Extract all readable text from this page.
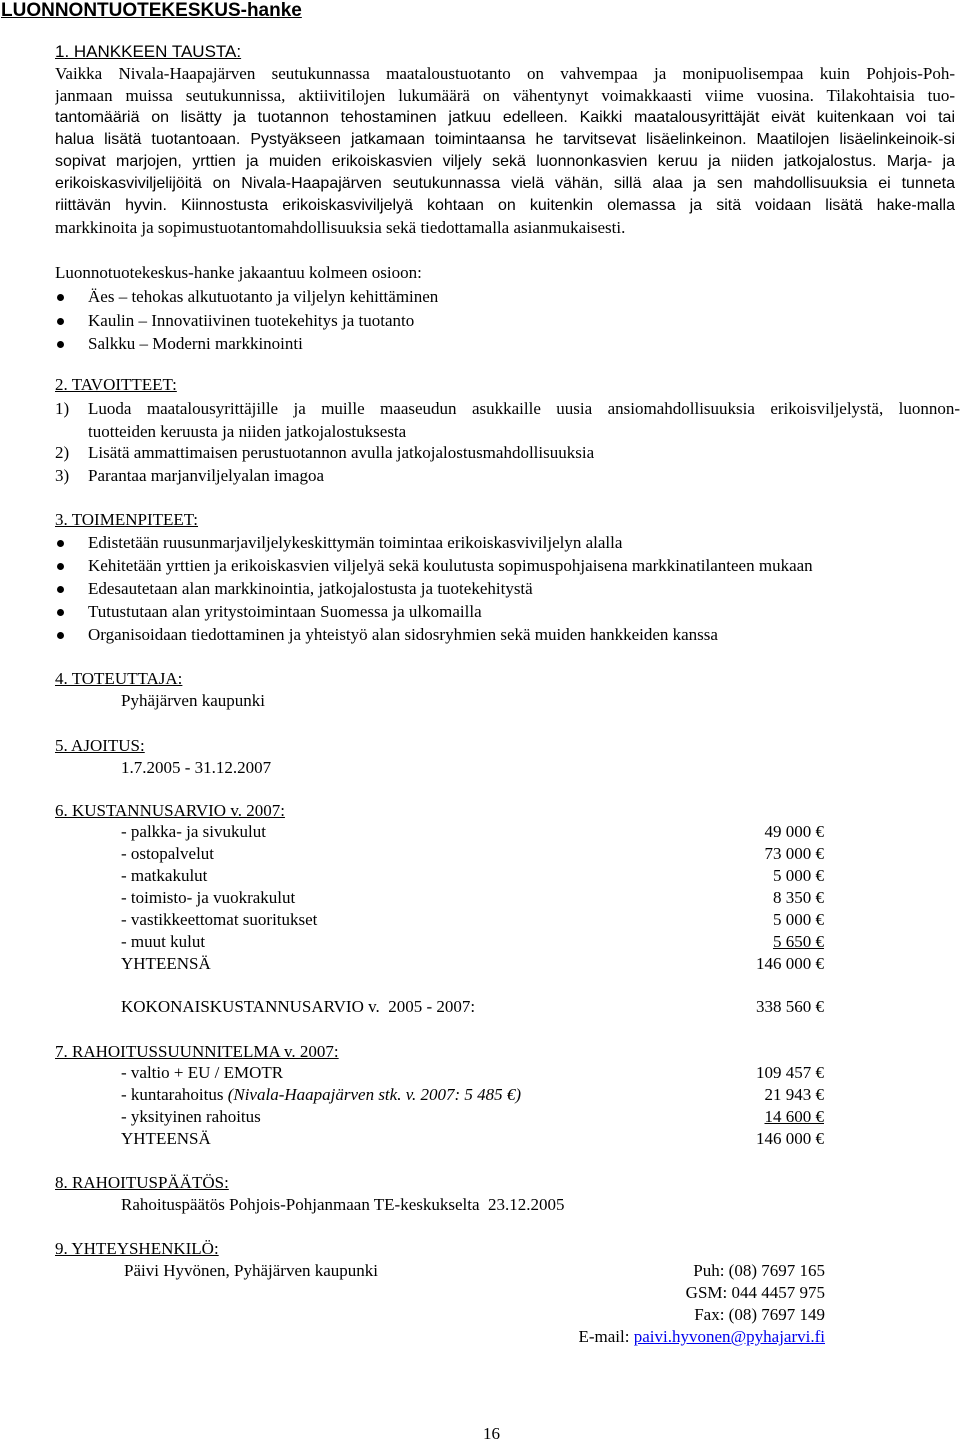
LUONNONTUOTEKESKUS-hanke
1. HANKKEEN TAUSTA:
Vaikka Nivala-Haapajärven seutukunnassa maataloustuotanto on vahvempaa ja monipuolisempaa kuin Pohjois-Poh-
janmaan muissa seutukunnissa, aktiivitilojen lukumäärä on vähentynyt voimakkaasti viime vuosina. Tilakohtaisia tuo-
tantomääriä on lisätty ja tuotannon tehostaminen jatkuu edelleen. Kaikki maatalousyrittäjät eivät kuitenkaan voi tai
halua lisätä tuotantoaan. Pystyäkseen jatkamaan toimintaansa he tarvitsevat lisäelinkeinon. Maatilojen lisäelinkeinoik-si
sopivat marjojen, yrttien ja muiden erikoiskasvien viljely sekä luonnonkasvien keruu ja niiden jatkojalostus. Marja- ja
erikoiskasviviljelijöitä on Nivala-Haapajärven seutukunnassa vielä vähän, sillä alaa ja sen mahdollisuuksia ei tunneta
riittävän hyvin. Kiinnostusta erikoiskasviviljelyä kohtaan on kuitenkin olemassa ja sitä voidaan lisätä hake-malla
markkinoita ja sopimustuotantomahdollisuuksia sekä tiedottamalla asianmukaisesti.
Luonnotuotekeskus-hanke jakaantuu kolmeen osioon:
Äes – tehokas alkutuotanto ja viljelyn kehittäminen
Kaulin – Innovatiivinen tuotekehitys ja tuotanto
Salkku – Moderni markkinointi
2. TAVOITTEET:
1) Luoda maatalousyrittäjille ja muille maaseudun asukkaille uusia ansiomahdollisuuksia erikoisviljelystä, luonnon-
tuotteiden keruusta ja niiden jatkojalostuksesta
2) Lisätä ammattimaisen perustuotannon avulla jatkojalostusmahdollisuuksia
3) Parantaa marjanviljelyalan imagoa
3. TOIMENPITEET:
Edistetään ruusunmarjaviljelykeskittymän toimintaa erikoiskasviviljelyn alalla
Kehitetään yrttien ja erikoiskasvien viljelyä sekä koulutusta sopimuspohjaisena markkinatilanteen mukaan
Edesautetaan alan markkinointia, jatkojalostusta ja tuotekehitystä
Tutustutaan alan yritystoimintaan Suomessa ja ulkomailla
Organisoidaan tiedottaminen ja yhteistyö alan sidosryhmien sekä muiden hankkeiden kanssa
4. TOTEUTTAJA:
Pyhäjärven kaupunki
5. AJOITUS:
1.7.2005 - 31.12.2007
6. KUSTANNUSARVIO v. 2007:
- palkka- ja sivukulut	49 000 €
- ostopalvelut	73 000 €
- matkakulut	5 000 €
- toimisto- ja vuokrakulut	8 350 €
- vastikkeettomat suoritukset	5 000 €
- muut kulut	5 650 €
YHTEENSÄ	146 000 €
KOKONAISKUSTANNUSARVIO v.  2005 - 2007:	338 560 €
7. RAHOITUSSUUNNITELMA v. 2007:
- valtio + EU / EMOTR	109 457 €
- kuntarahoitus (Nivala-Haapajärven stk. v. 2007: 5 485 €)	21 943 €
- yksityinen rahoitus	14 600 €
YHTEENSÄ	146 000 €
8. RAHOITUSPÄÄTÖS:
Rahoituspäätös Pohjois-Pohjanmaan TE-keskukselta  23.12.2005
9. YHTEYSHENKILÖ:
Päivi Hyvönen, Pyhäjärven kaupunki	Puh: (08) 7697 165
GSM: 044 4457 975
Fax: (08) 7697 149
E-mail: paivi.hyvonen@pyhajarvi.fi
16
